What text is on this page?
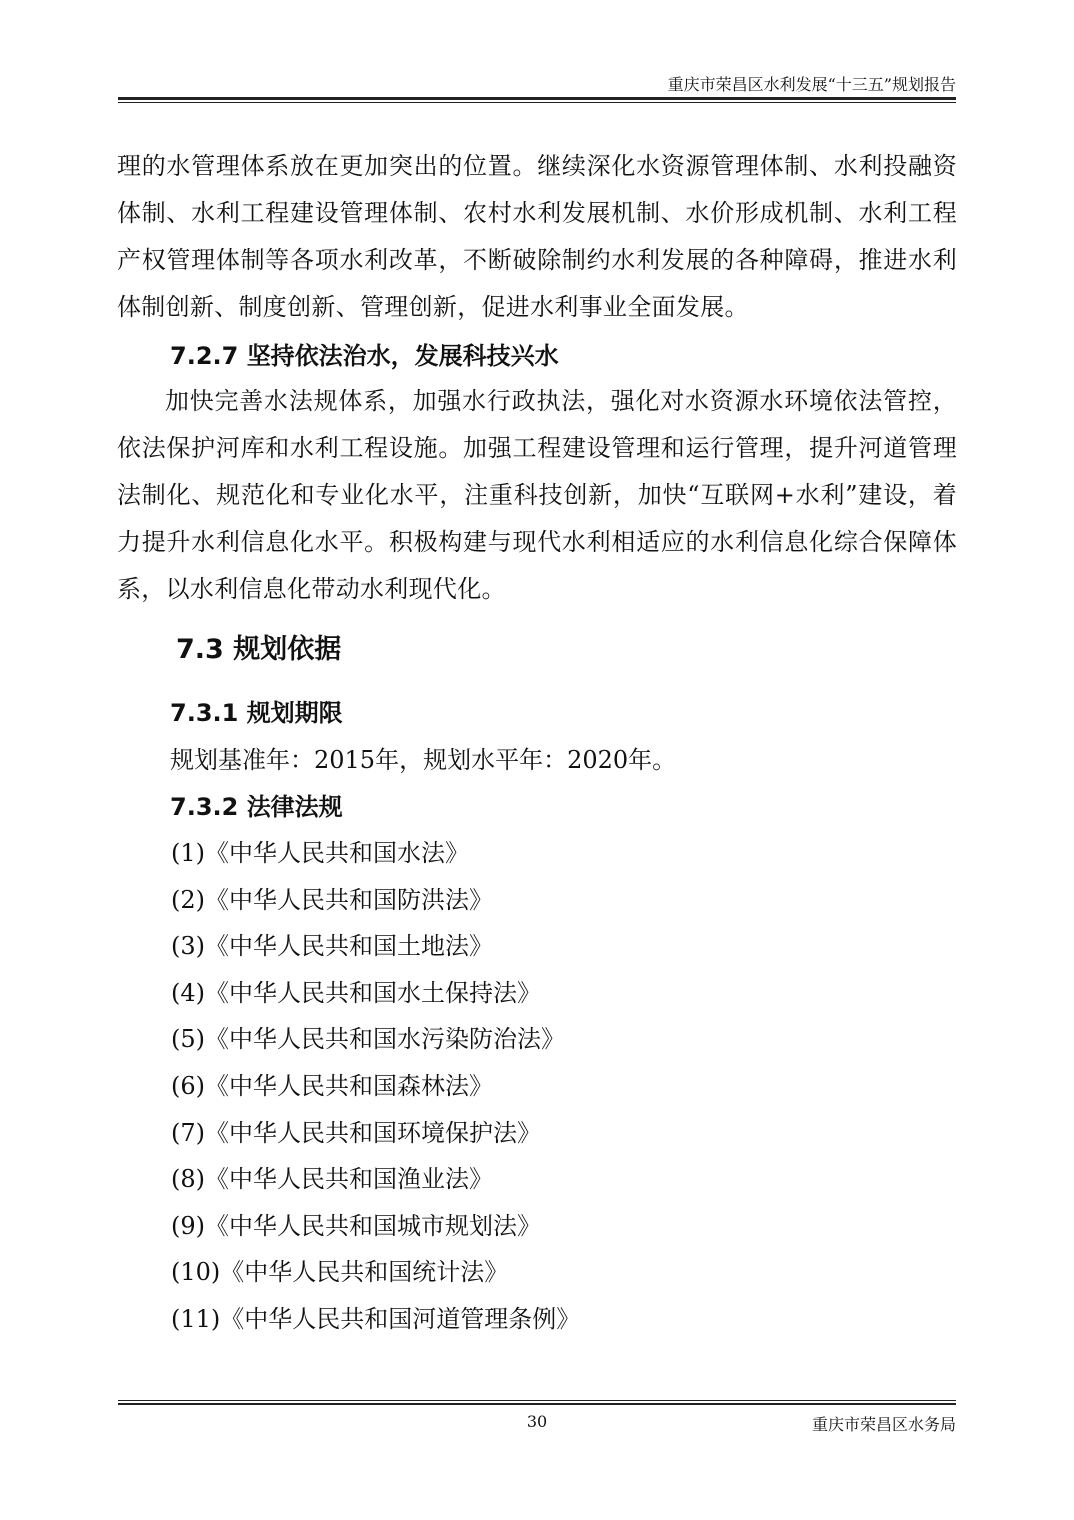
重庆市荣昌区水利发展“十三五”规划报告

理的水管理体系放在更加突出的位置。继续深化水资源管理体制、水利投融资体制、水利工程建设管理体制、农村水利发展机制、水价形成机制、水利工程产权管理体制等各项水利改革，不断破除制约水利发展的各种障碍，推进水利体制创新、制度创新、管理创新，促进水利事业全面发展。

7.2.7 坚持依法治水，发展科技兴水

加快完善水法规体系，加强水行政执法，强化对水资源水环境依法管控，依法保护河库和水利工程设施。加强工程建设管理和运行管理，提升河道管理法制化、规范化和专业化水平，注重科技创新，加快“互联网+水利”建设，着力提升水利信息化水平。积极构建与现代水利相适应的水利信息化综合保障体系，以水利信息化带动水利现代化。

7.3 规划依据
7.3.1 规划期限
规划基准年：2015年，规划水平年：2020年。
7.3.2 法律法规
(1)《中华人民共和国水法》
(2)《中华人民共和国防洪法》
(3)《中华人民共和国土地法》
(4)《中华人民共和国水土保持法》
(5)《中华人民共和国水污染防治法》
(6)《中华人民共和国森林法》
(7)《中华人民共和国环境保护法》
(8)《中华人民共和国渔业法》
(9)《中华人民共和国城市规划法》
(10)《中华人民共和国统计法》
(11)《中华人民共和国河道管理条例》
30	重庆市荣昌区水务局
